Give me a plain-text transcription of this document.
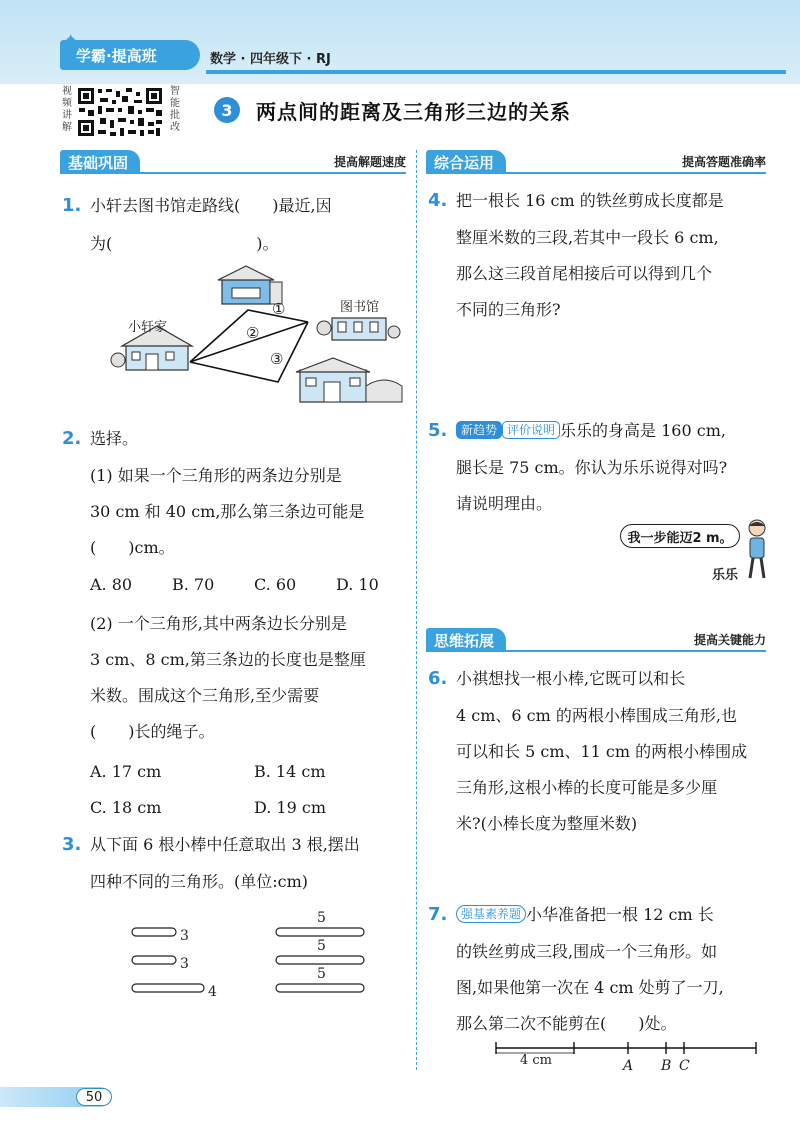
学霸·提高班	数学 · 四年级下 · RJ
视频讲解
智能批改
3	两点间的距离及三角形三边的关系
基础巩固	提高解题速度	综合运用	提高答题准确率
1. 小轩去图书馆走路线(　　)最近,因
为(　　　　　　　　　)。
小轩家
图书馆
①
②
③
2. 选择。
(1) 如果一个三角形的两条边分别是
30 cm 和 40 cm,那么第三条边可能是
(　　)cm。
A. 80 B. 70 C. 60 D. 10
(2) 一个三角形,其中两条边长分别是
3 cm、8 cm,第三条边的长度也是整厘
米数。围成这个三角形,至少需要
(　　)长的绳子。
A. 17 cm	B. 14 cm
C. 18 cm	D. 19 cm
3. 从下面 6 根小棒中任意取出 3 根,摆出
四种不同的三角形。(单位:cm)
3
3
4
5
5
5
4. 把一根长 16 cm 的铁丝剪成长度都是
整厘米数的三段,若其中一段长 6 cm,
那么这三段首尾相接后可以得到几个
不同的三角形?
5.	新趋势 评价说明 乐乐的身高是 160 cm,
腿长是 75 cm。你认为乐乐说得对吗?
请说明理由。
我一步能迈2 m。
乐乐
思维拓展	提高关键能力
6. 小祺想找一根小棒,它既可以和长
4 cm、6 cm 的两根小棒围成三角形,也
可以和长 5 cm、11 cm 的两根小棒围成
三角形,这根小棒的长度可能是多少厘
米?(小棒长度为整厘米数)
7.	强基素养题 小华准备把一根 12 cm 长
的铁丝剪成三段,围成一个三角形。如
图,如果他第一次在 4 cm 处剪了一刀,
那么第二次不能剪在(　　)处。
4 cm	A B C
50
